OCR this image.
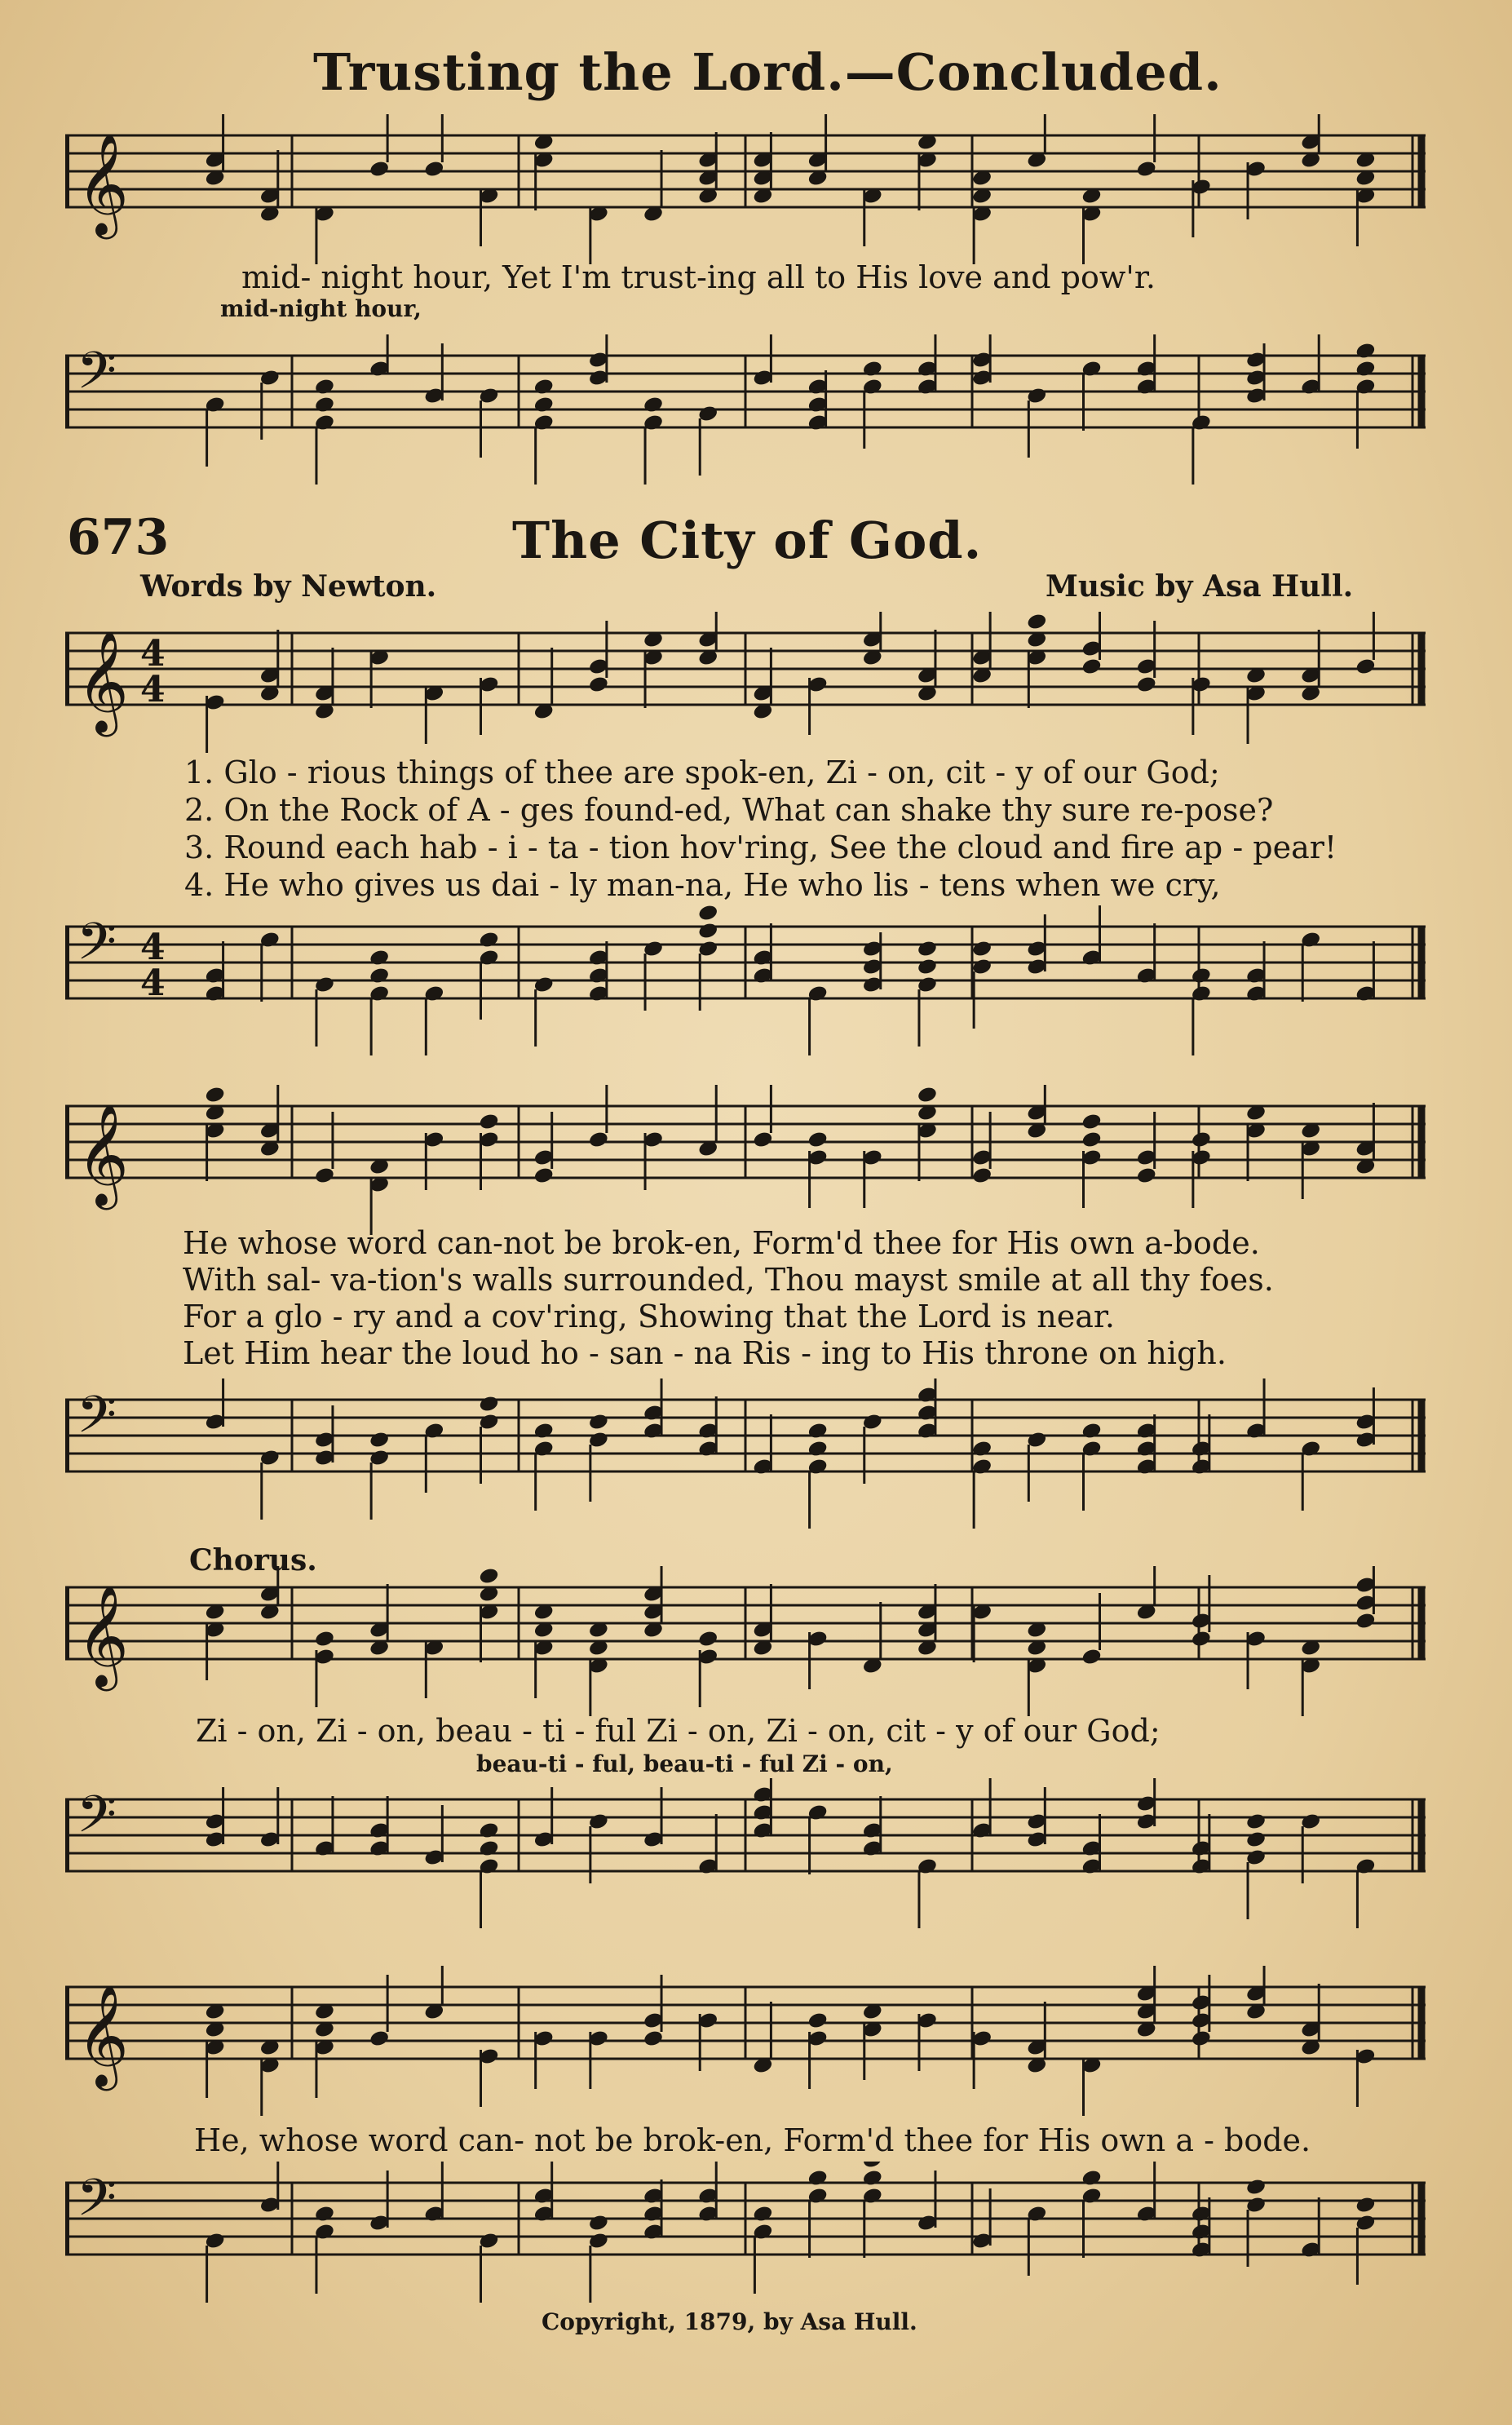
Trusting the Lord.—Concluded.
𝄞
mid- night hour, Yet I'm trust-ing all to His love and pow'r.
mid-night hour,
𝄢
673	The City of God.
Words by Newton.	Music by Asa Hull.
𝄞 4
4
1. Glo - rious things of thee are spok-en, Zi - on, cit - y of our God;
2. On the Rock of A - ges found-ed, What can shake thy sure re-pose?
3. Round each hab - i - ta - tion hov'ring, See the cloud and fire ap - pear!
4. He who gives us dai - ly man-na, He who lis - tens when we cry,
𝄢 4
4
𝄞
He whose word can-not be brok-en, Form'd thee for His own a-bode.
With sal- va-tion's walls surrounded, Thou mayst smile at all thy foes.
For a glo - ry and a cov'ring, Showing that the Lord is near.
Let Him hear the loud ho - san - na Ris - ing to His throne on high.
𝄢
Chorus.
𝄞
Zi - on, Zi - on, beau - ti - ful Zi - on, Zi - on, cit - y of our God;
beau-ti - ful, beau-ti - ful Zi - on,
𝄢
𝄞
He, whose word can- not be brok-en, Form'd thee for His own a - bode.
𝄢
Copyright, 1879, by Asa Hull.
